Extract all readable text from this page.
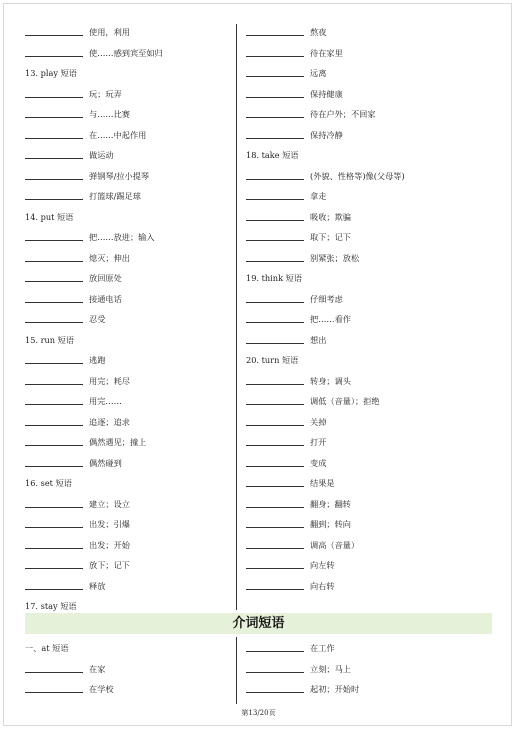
使用，利用
使……感到宾至如归
13. play 短语
玩；玩弄
与……比赛
在……中起作用
做运动
弹钢琴/拉小提琴
打篮球/踢足球
14. put 短语
把……放进；输入
熄灭；伸出
放回原处
接通电话
忍受
15. run 短语
逃跑
用完；耗尽
用完……
追逐；追求
偶然遇见；撞上
偶然碰到
16. set 短语
建立；设立
出发；引爆
出发；开始
放下；记下
释放
17. stay 短语
熬夜
待在家里
远离
保持健康
待在户外；不回家
保持冷静
18. take 短语
(外貌、性格等)像(父母等)
拿走
吸收；欺骗
取下；记下
别紧张；放松
19. think 短语
仔细考虑
把……看作
想出
20. turn 短语
转身；调头
调低（音量）；拒绝
关掉
打开
变成
结果是
翻身；翻转
翻到；转向
调高（音量）
向左转
向右转
介词短语
一、at 短语
在家
在学校
在工作
立刻；马上
起初；开始时
第13/20页
